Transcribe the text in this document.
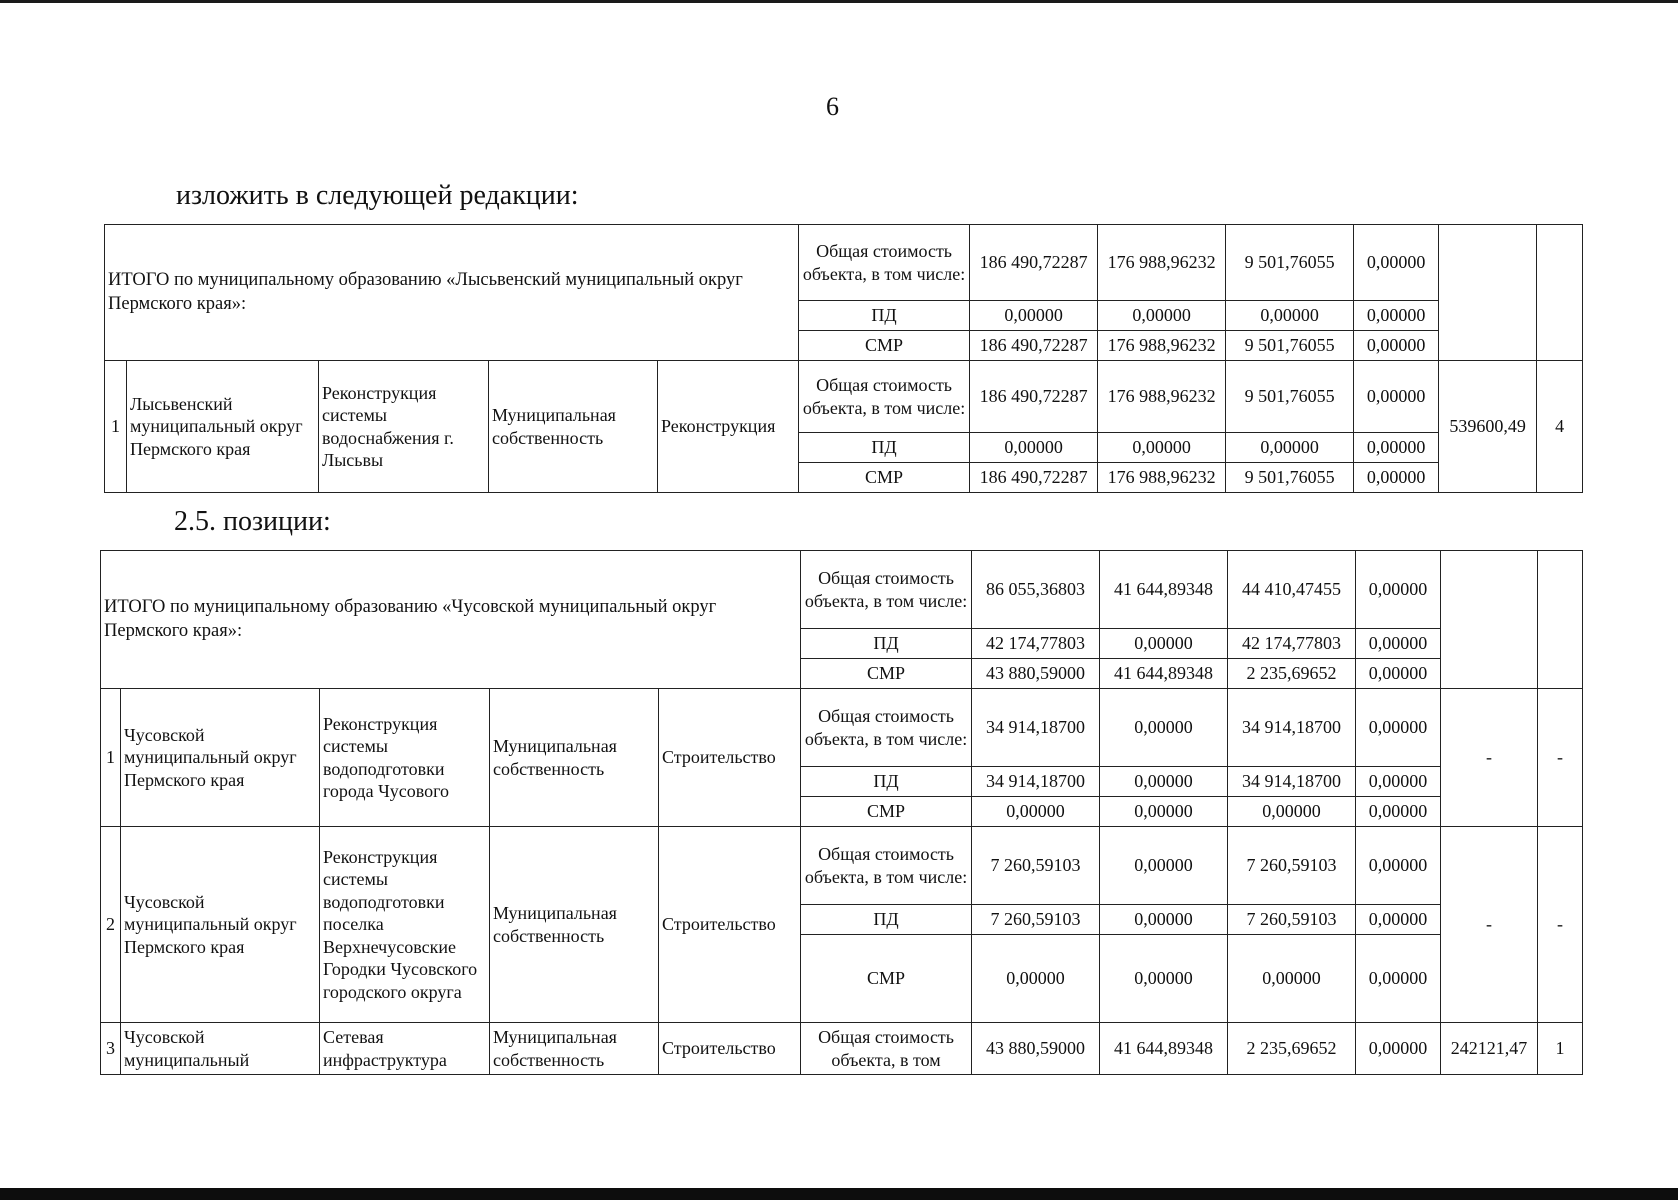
6
изложить в следующей редакции:
ИТОГО по муниципальному образованию «Лысьвенский муниципальный округ Пермского края»:					Общая стоимость объекта, в том числе:	186 490,72287	176 988,96232	9 501,76055	0,00000		
					ПД	0,00000	0,00000	0,00000	0,00000		
					СМР	186 490,72287	176 988,96232	9 501,76055	0,00000		
1	Лысьвенский муниципальный округ Пермского края	Реконструкция системы водоснабжения г. Лысьвы	Муниципальная собственность	Реконструкция	Общая стоимость объекта, в том числе:	186 490,72287	176 988,96232	9 501,76055	0,00000	539600,49	4
					ПД	0,00000	0,00000	0,00000	0,00000		
					СМР	186 490,72287	176 988,96232	9 501,76055	0,00000		
2.5. позиции:
ИТОГО по муниципальному образованию «Чусовской муниципальный округ Пермского края»:					Общая стоимость объекта, в том числе:	86 055,36803	41 644,89348	44 410,47455	0,00000		
					ПД	42 174,77803	0,00000	42 174,77803	0,00000		
					СМР	43 880,59000	41 644,89348	2 235,69652	0,00000		
1	Чусовской муниципальный округ Пермского края	Реконструкция системы водоподготовки города Чусового	Муниципальная собственность	Строительство	Общая стоимость объекта, в том числе:	34 914,18700	0,00000	34 914,18700	0,00000	-	-
					ПД	34 914,18700	0,00000	34 914,18700	0,00000		
					СМР	0,00000	0,00000	0,00000	0,00000		
2	Чусовской муниципальный округ Пермского края	Реконструкция системы водоподготовки поселка Верхнечусовские Городки Чусовского городского округа	Муниципальная собственность	Строительство	Общая стоимость объекта, в том числе:	7 260,59103	0,00000	7 260,59103	0,00000	-	-
					ПД	7 260,59103	0,00000	7 260,59103	0,00000		
					СМР	0,00000	0,00000	0,00000	0,00000		
3	Чусовской муниципальный	Сетевая инфраструктура	Муниципальная собственность	Строительство	Общая стоимость объекта, в том	43 880,59000	41 644,89348	2 235,69652	0,00000	242121,47	1
